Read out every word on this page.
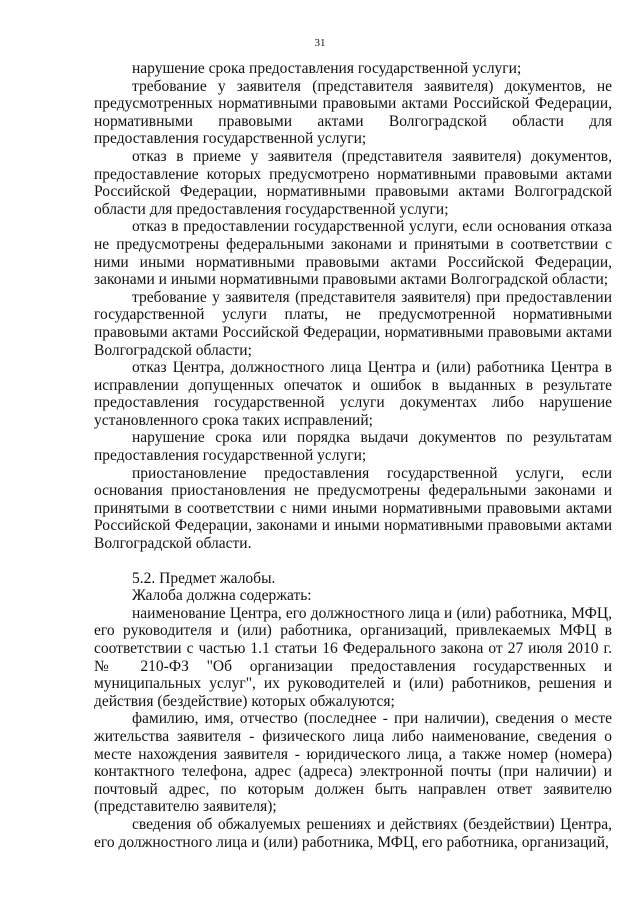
31

нарушение срока предоставления государственной услуги;

требование у заявителя (представителя заявителя) документов, не предусмотренных нормативными правовыми актами Российской Федерации, нормативными правовыми актами Волгоградской области для предоставления государственной услуги;

отказ в приеме у заявителя (представителя заявителя) документов, предоставление которых предусмотрено нормативными правовыми актами Российской Федерации, нормативными правовыми актами Волгоградской области для предоставления государственной услуги;

отказ в предоставлении государственной услуги, если основания отказа не предусмотрены федеральными законами и принятыми в соответствии с ними иными нормативными правовыми актами Российской Федерации, законами и иными нормативными правовыми актами Волгоградской области;

требование у заявителя (представителя заявителя) при предоставлении государственной услуги платы, не предусмотренной нормативными правовыми актами Российской Федерации, нормативными правовыми актами Волгоградской области;

отказ Центра, должностного лица Центра и (или) работника Центра в исправлении допущенных опечаток и ошибок в выданных в результате предоставления государственной услуги документах либо нарушение установленного срока таких исправлений;

нарушение срока или порядка выдачи документов по результатам предоставления государственной услуги;

приостановление предоставления государственной услуги, если основания приостановления не предусмотрены федеральными законами и принятыми в соответствии с ними иными нормативными правовыми актами Российской Федерации, законами и иными нормативными правовыми актами Волгоградской области.

5.2. Предмет жалобы.

Жалоба должна содержать:

наименование Центра, его должностного лица и (или) работника, МФЦ, его руководителя и (или) работника, организаций, привлекаемых МФЦ в соответствии с частью 1.1 статьи 16 Федерального закона от 27 июля 2010 г. № 210-ФЗ "Об организации предоставления государственных и муниципальных услуг", их руководителей и (или) работников, решения и действия (бездействие) которых обжалуются;

фамилию, имя, отчество (последнее - при наличии), сведения о месте жительства заявителя - физического лица либо наименование, сведения о месте нахождения заявителя - юридического лица, а также номер (номера) контактного телефона, адрес (адреса) электронной почты (при наличии) и почтовый адрес, по которым должен быть направлен ответ заявителю (представителю заявителя);

сведения об обжалуемых решениях и действиях (бездействии) Центра, его должностного лица и (или) работника, МФЦ, его работника, организаций,
